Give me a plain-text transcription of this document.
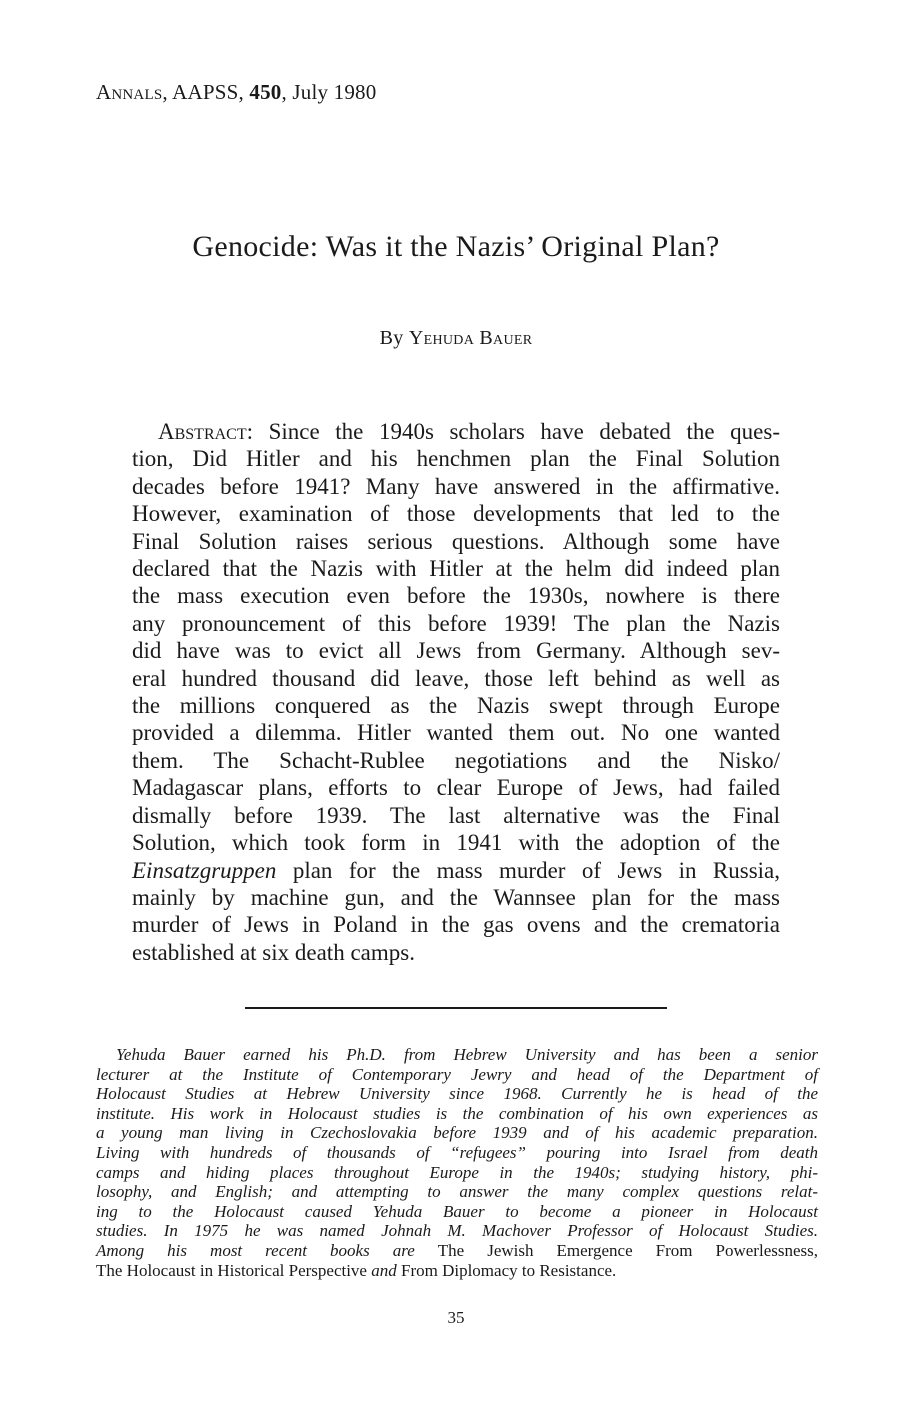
Annals, AAPSS, 450, July 1980
Genocide: Was it the Nazis’ Original Plan?
By Yehuda Bauer
Abstract: Since the 1940s scholars have debated the ques-
tion, Did Hitler and his henchmen plan the Final Solution
decades before 1941? Many have answered in the affirmative.
However, examination of those developments that led to the
Final Solution raises serious questions. Although some have
declared that the Nazis with Hitler at the helm did indeed plan
the mass execution even before the 1930s, nowhere is there
any pronouncement of this before 1939! The plan the Nazis
did have was to evict all Jews from Germany. Although sev-
eral hundred thousand did leave, those left behind as well as
the millions conquered as the Nazis swept through Europe
provided a dilemma. Hitler wanted them out. No one wanted
them. The Schacht-Rublee negotiations and the Nisko/
Madagascar plans, efforts to clear Europe of Jews, had failed
dismally before 1939. The last alternative was the Final
Solution, which took form in 1941 with the adoption of the
Einsatzgruppen plan for the mass murder of Jews in Russia,
mainly by machine gun, and the Wannsee plan for the mass
murder of Jews in Poland in the gas ovens and the crematoria
established at six death camps.
Yehuda Bauer earned his Ph.D. from Hebrew University and has been a senior
lecturer at the Institute of Contemporary Jewry and head of the Department of
Holocaust Studies at Hebrew University since 1968. Currently he is head of the
institute. His work in Holocaust studies is the combination of his own experiences as
a young man living in Czechoslovakia before 1939 and of his academic preparation.
Living with hundreds of thousands of “refugees” pouring into Israel from death
camps and hiding places throughout Europe in the 1940s; studying history, phi-
losophy, and English; and attempting to answer the many complex questions relat-
ing to the Holocaust caused Yehuda Bauer to become a pioneer in Holocaust
studies. In 1975 he was named Johnah M. Machover Professor of Holocaust Studies.
Among his most recent books are The Jewish Emergence From Powerlessness,
The Holocaust in Historical Perspective and From Diplomacy to Resistance.
35
